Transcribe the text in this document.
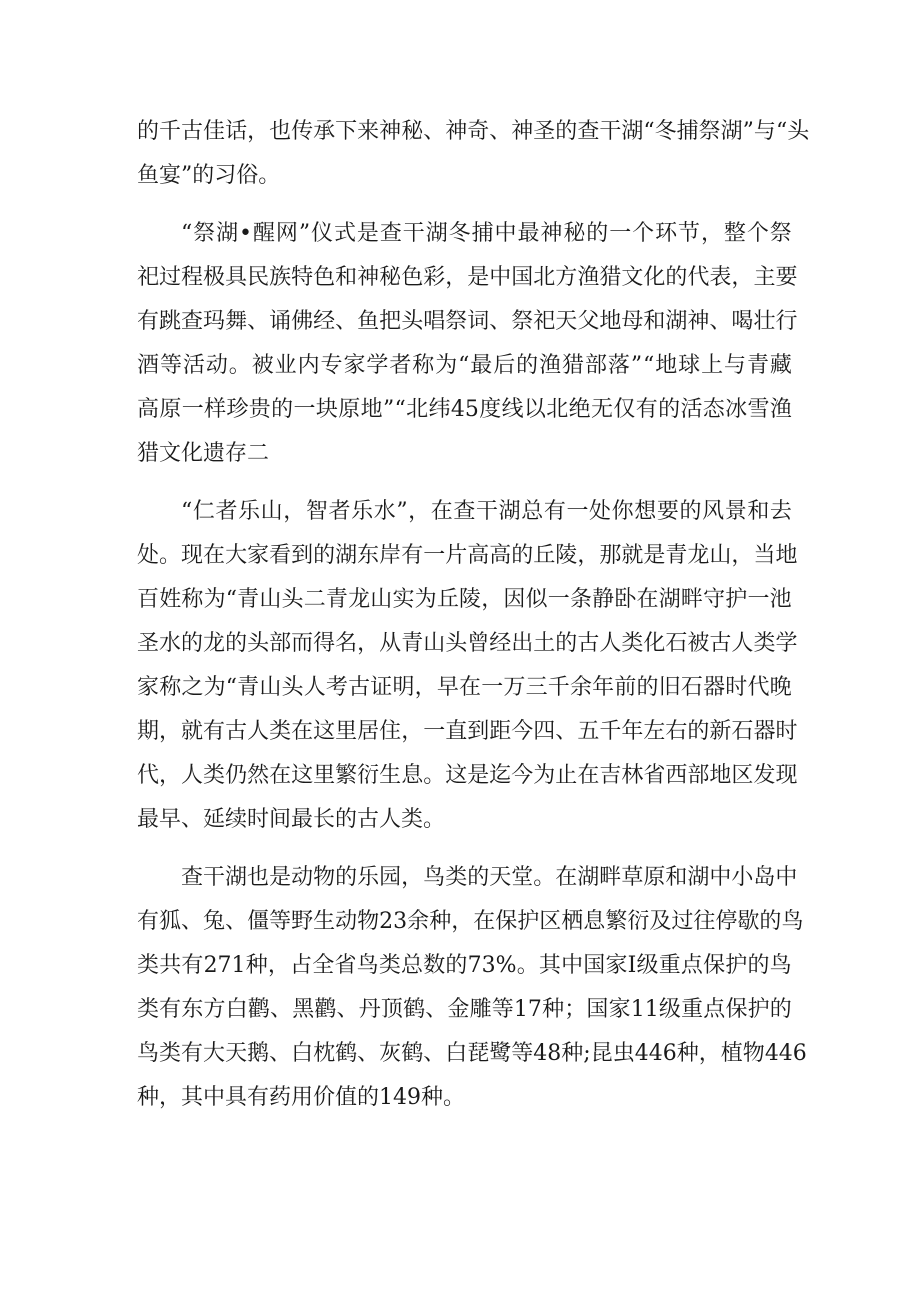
的 千 古 佳 话 ， 也 传 承 下 来 神 秘 、 神 奇 、 神 圣 的 查 干 湖 “ 冬 捕 祭 湖 ” 与 “ 头
鱼宴”的习俗。
“ 祭 湖 • 醒 网 ” 仪 式 是 查 干 湖 冬 捕 中 最 神 秘 的 一 个 环 节 ， 整 个 祭
祀 过 程 极 具 民 族 特 色 和 神 秘 色 彩 ， 是 中 国 北 方 渔 猎 文 化 的 代 表 ， 主 要
有 跳 查 玛 舞 、 诵 佛 经 、 鱼 把 头 唱 祭 词 、 祭 祀 天 父 地 母 和 湖 神 、 喝 壮 行
酒 等 活 动 。 被 业 内 专 家 学 者 称 为 “ 最 后 的 渔 猎 部 落 ” “ 地 球 上 与 青 藏
高 原 一 样 珍 贵 的 一 块 原 地 ” “ 北 纬 45 度 线 以 北 绝 无 仅 有 的 活 态 冰 雪 渔
猎文化遗存二
“ 仁 者 乐 山 ， 智 者 乐 水 ” ， 在 查 干 湖 总 有 一 处 你 想 要 的 风 景 和 去
处 。 现 在 大 家 看 到 的 湖 东 岸 有 一 片 高 高 的 丘 陵 ， 那 就 是 青 龙 山 ， 当 地
百 姓 称 为 “ 青 山 头 二 青 龙 山 实 为 丘 陵 ， 因 似 一 条 静 卧 在 湖 畔 守 护 一 池
圣 水 的 龙 的 头 部 而 得 名 ， 从 青 山 头 曾 经 出 土 的 古 人 类 化 石 被 古 人 类 学
家 称 之 为 “ 青 山 头 人 考 古 证 明 ， 早 在 一 万 三 千 余 年 前 的 旧 石 器 时 代 晚
期 ， 就 有 古 人 类 在 这 里 居 住 ， 一 直 到 距 今 四 、 五 千 年 左 右 的 新 石 器 时
代 ， 人 类 仍 然 在 这 里 繁 衍 生 息 。 这 是 迄 今 为 止 在 吉 林 省 西 部 地 区 发 现
最早、延续时间最长的古人类。
查 干 湖 也 是 动 物 的 乐 园 ， 鸟 类 的 天 堂 。 在 湖 畔 草 原 和 湖 中 小 岛 中
有 狐 、 兔 、 僵 等 野 生 动 物 23 余 种 ， 在 保 护 区 栖 息 繁 衍 及 过 往 停 歇 的 鸟
类 共 有 271 种 ， 占 全 省 鸟 类 总 数 的 73% 。 其 中 国 家 I 级 重 点 保 护 的 鸟
类 有 东 方 白 鹳 、 黑 鹳 、 丹 顶 鹤 、 金 雕 等 17 种 ； 国 家 11 级 重 点 保 护 的
鸟 类 有 大 天 鹅 、 白 枕 鹤 、 灰 鹤 、 白 琵 鹭 等 48 种 ; 昆 虫 446 种 ， 植 物 446
种，其中具有药用价值的149种。
